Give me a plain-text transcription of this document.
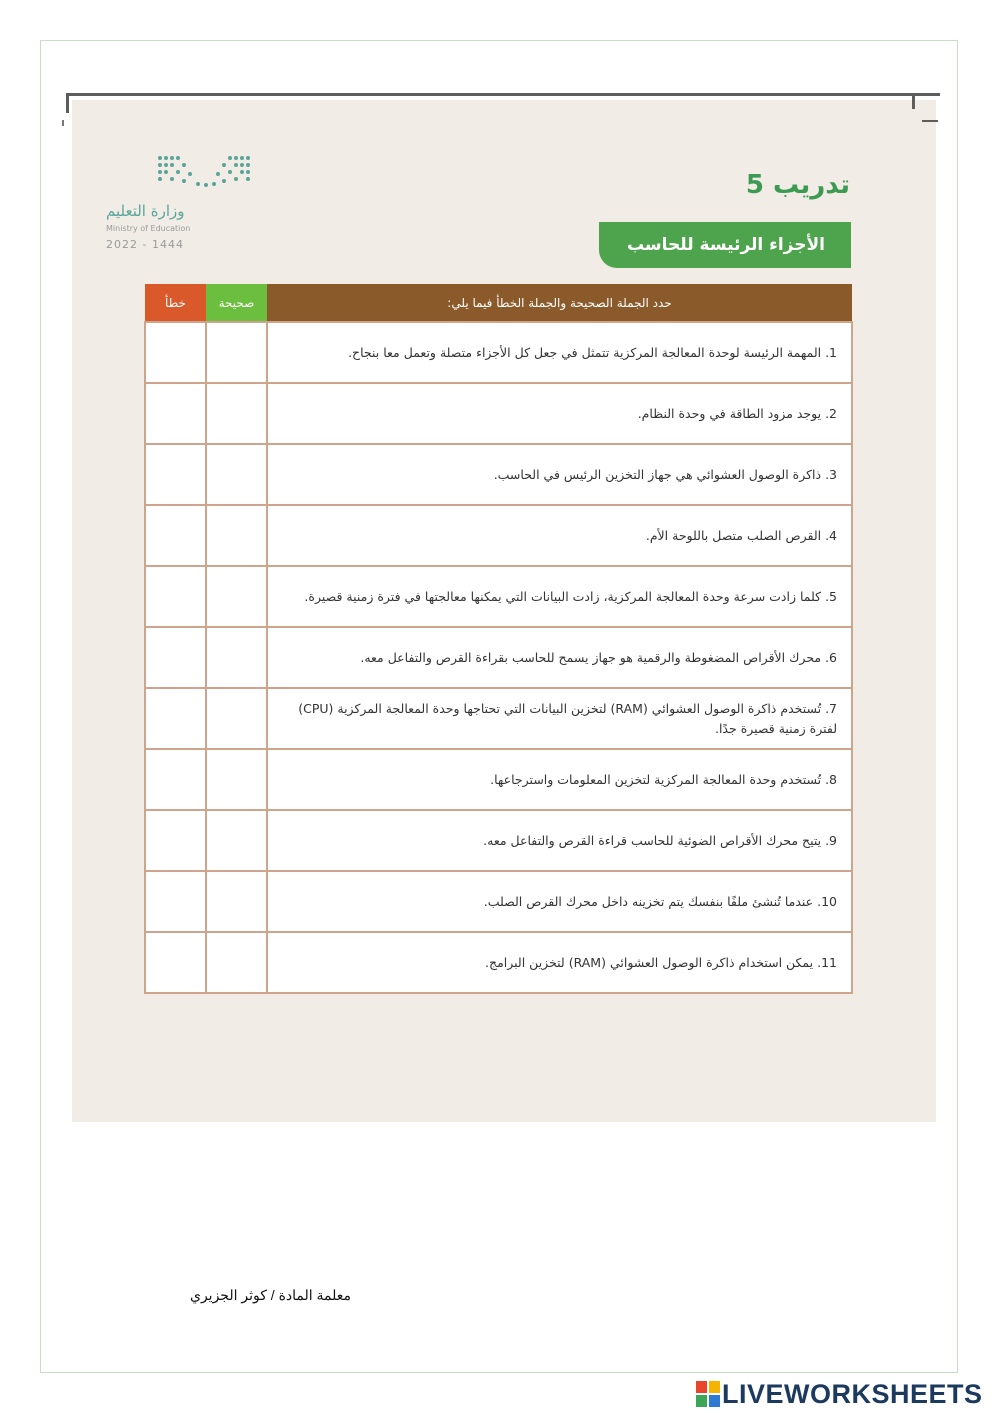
وزارة التعليم
Ministry of Education
2022 - 1444
تدريب 5
الأجزاء الرئيسة للحاسب
حدد الجملة الصحيحة والجملة الخطأ فيما يلي:	صحيحة	خطأ
1. المهمة الرئيسة لوحدة المعالجة المركزية تتمثل في جعل كل الأجزاء متصلة وتعمل معا بنجاح.		
2. يوجد مزود الطاقة في وحدة النظام.		
3. ذاكرة الوصول العشوائي هي جهاز التخزين الرئيس في الحاسب.		
4. القرص الصلب متصل باللوحة الأم.		
5. كلما زادت سرعة وحدة المعالجة المركزية، زادت البيانات التي يمكنها معالجتها في فترة زمنية قصيرة.		
6. محرك الأقراص المضغوطة والرقمية هو جهاز يسمح للحاسب بقراءة القرص والتفاعل معه.		
7. تُستخدم ذاكرة الوصول العشوائي (RAM) لتخزين البيانات التي تحتاجها وحدة المعالجة المركزية (CPU) لفترة زمنية قصيرة جدًا.		
8. تُستخدم وحدة المعالجة المركزية لتخزين المعلومات واسترجاعها.		
9. يتيح محرك الأقراص الضوئية للحاسب قراءة القرص والتفاعل معه.		
10. عندما تُنشئ ملفًا بنفسك يتم تخزينه داخل محرك القرص الصلب.		
11. يمكن استخدام ذاكرة الوصول العشوائي (RAM) لتخزين البرامج.		
معلمة المادة / كوثر الجزيري
LIVEWORKSHEETS
